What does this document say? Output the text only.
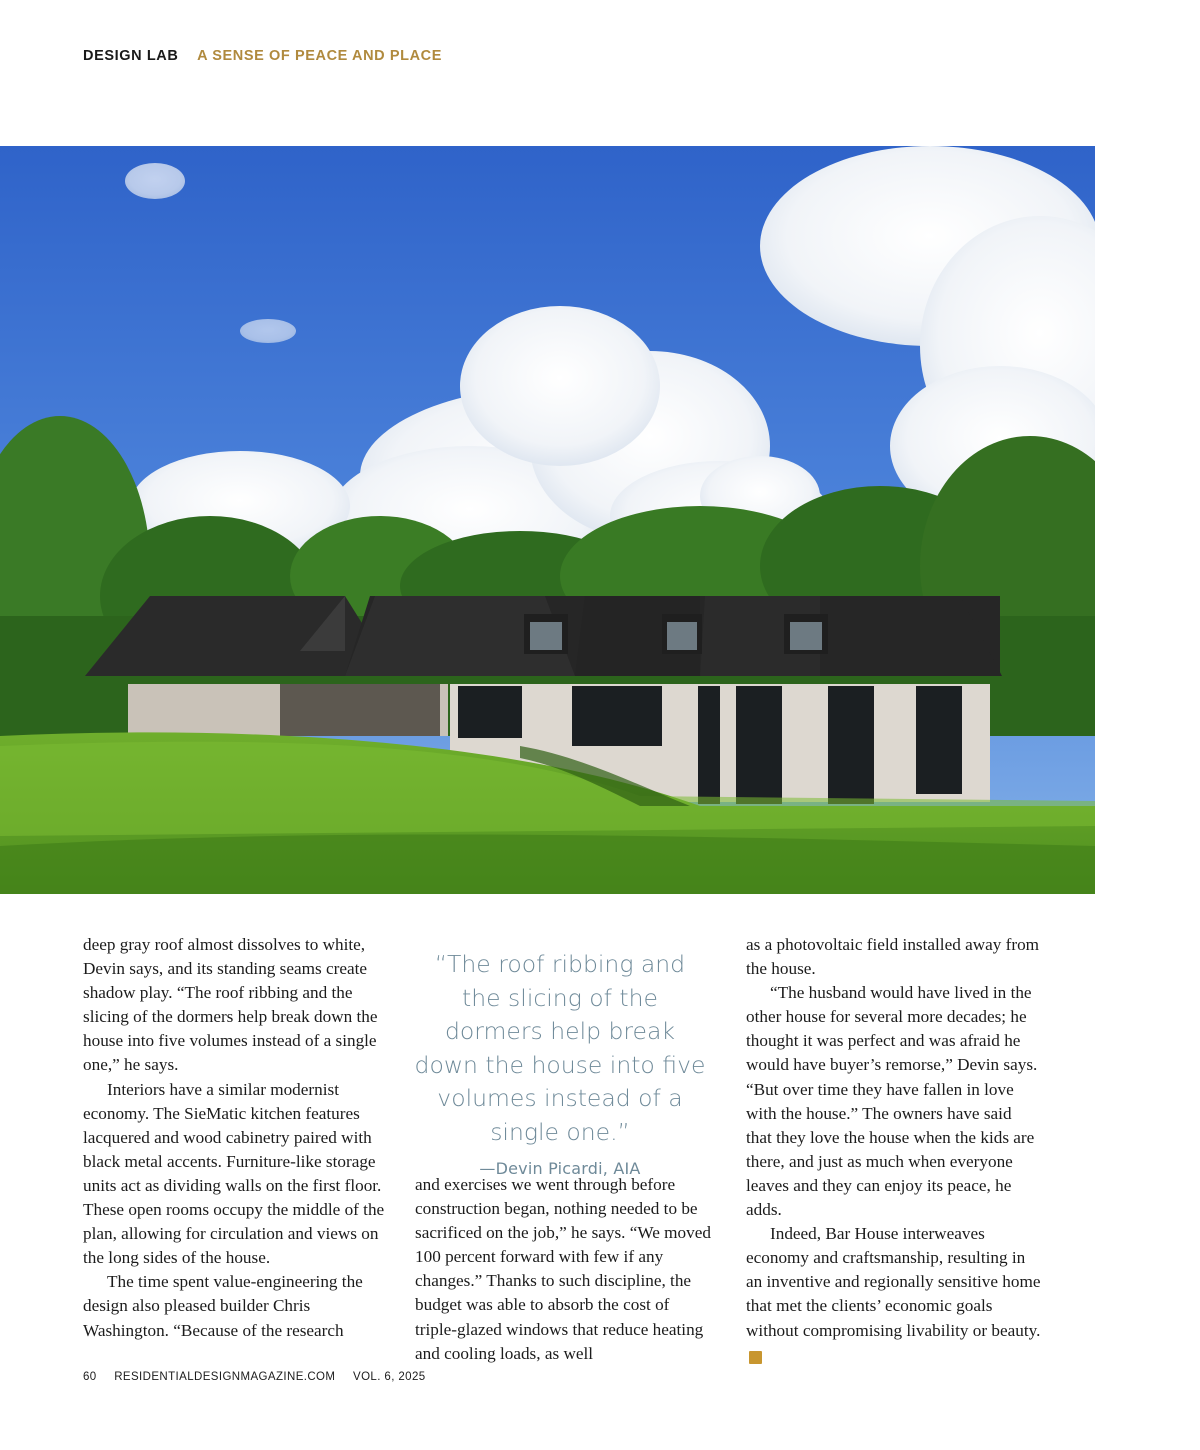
DESIGN LAB A SENSE OF PEACE AND PLACE

deep gray roof almost dissolves to white, Devin says, and its standing seams create shadow play. “The roof ribbing and the slicing of the dormers help break down the house into five volumes instead of a single one,” he says.

Interiors have a similar modernist economy. The SieMatic kitchen features lacquered and wood cabinetry paired with black metal accents. Furniture-like storage units act as dividing walls on the first floor. These open rooms occupy the middle of the plan, allowing for circulation and views on the long sides of the house.

The time spent value-engineering the design also pleased builder Chris Washington. “Because of the research

“The roof ribbing and the slicing of the dormers help break down the house into five volumes instead of a single one.”
—Devin Picardi, AIA

and exercises we went through before construction began, nothing needed to be sacrificed on the job,” he says. “We moved 100 percent forward with few if any changes.” Thanks to such discipline, the budget was able to absorb the cost of triple-glazed windows that reduce heating and cooling loads, as well

as a photovoltaic field installed away from the house.

“The husband would have lived in the other house for several more decades; he thought it was perfect and was afraid he would have buyer’s remorse,” Devin says. “But over time they have fallen in love with the house.” The owners have said that they love the house when the kids are there, and just as much when everyone leaves and they can enjoy its peace, he adds.

Indeed, Bar House interweaves economy and craftsmanship, resulting in an inventive and regionally sensitive home that met the clients’ economic goals without compromising livability or beauty.RD

60 RESIDENTIALDESIGNMAGAZINE.COM VOL. 6, 2025
